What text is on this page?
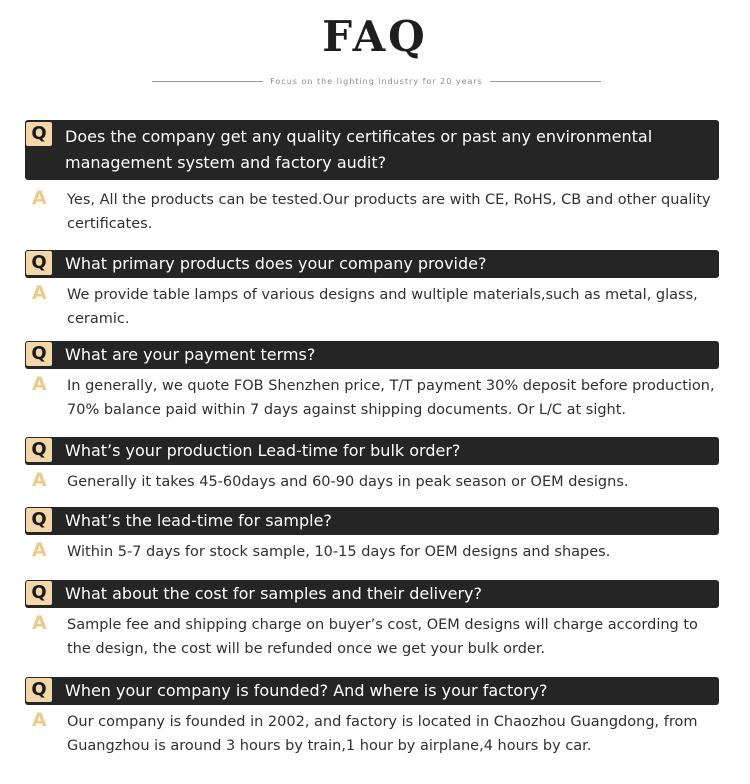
FAQ
Focus on the lighting industry for 20 years
Q	Does the company get any quality certificates or past any environmental management system and factory audit?
A Yes, All the products can be tested.Our products are with CE, RoHS, CB and other quality certificates.
Q	What primary products does your company provide?
A We provide table lamps of various designs and wultiple materials,such as metal, glass, ceramic.
Q	What are your payment terms?
A In generally, we quote FOB Shenzhen price, T/T payment 30% deposit before production, 70% balance paid within 7 days against shipping documents. Or L/C at sight.
Q	What’s your production Lead-time for bulk order?
A Generally it takes 45-60days and 60-90 days in peak season or OEM designs.
Q	What’s the lead-time for sample?
A Within 5-7 days for stock sample, 10-15 days for OEM designs and shapes.
Q	What about the cost for samples and their delivery?
A Sample fee and shipping charge on buyer’s cost, OEM designs will charge according to the design, the cost will be refunded once we get your bulk order.
Q	When your company is founded? And where is your factory?
A Our company is founded in 2002, and factory is located in Chaozhou Guangdong, from Guangzhou is around 3 hours by train,1 hour by airplane,4 hours by car.
